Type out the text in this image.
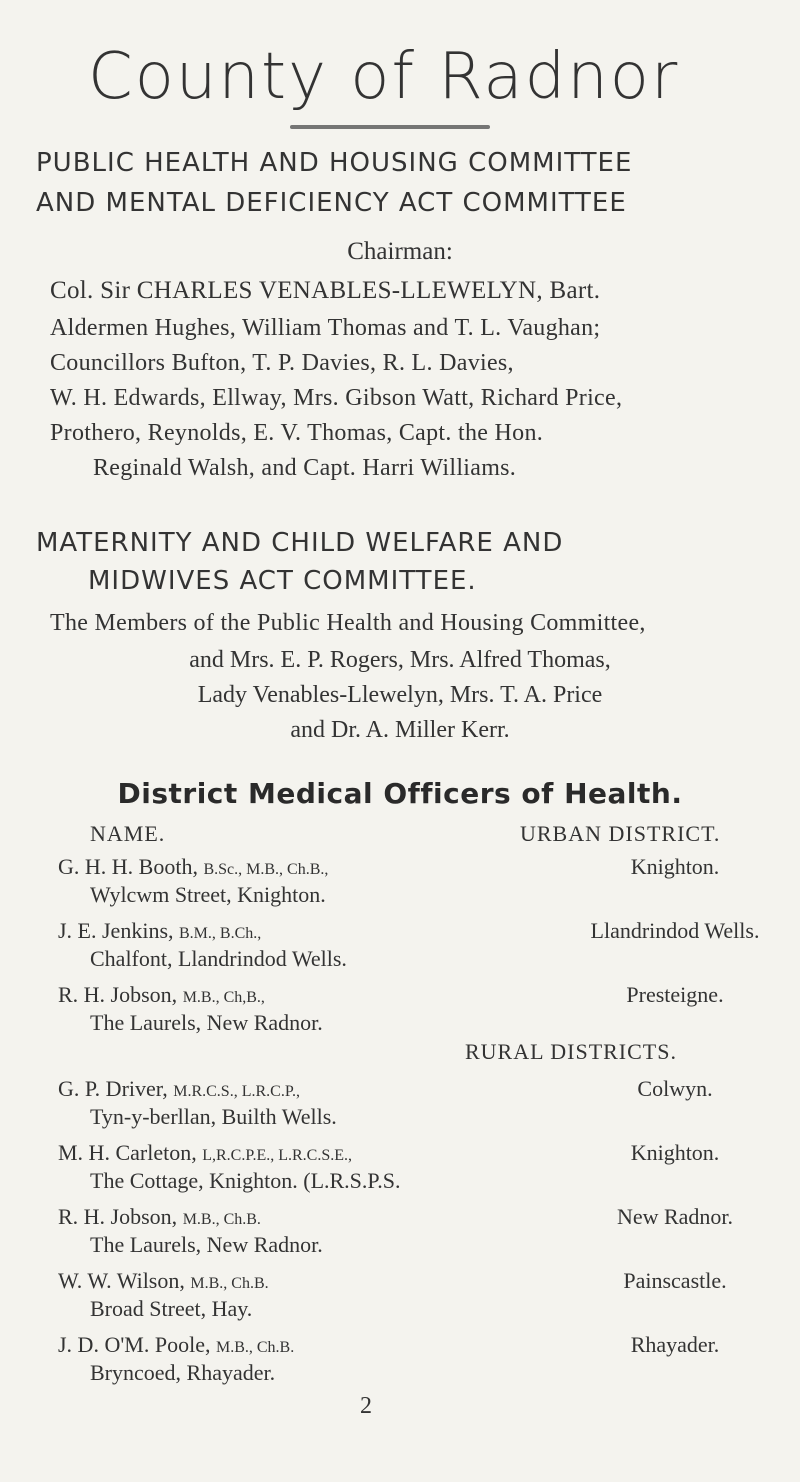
County of Radnor
PUBLIC HEALTH AND HOUSING COMMITTEE
AND MENTAL DEFICIENCY ACT COMMITTEE
Chairman:
Col. Sir CHARLES VENABLES-LLEWELYN, Bart.
Aldermen Hughes, William Thomas and T. L. Vaughan;
Councillors Bufton, T. P. Davies, R. L. Davies,
W. H. Edwards, Ellway, Mrs. Gibson Watt, Richard Price,
Prothero, Reynolds, E. V. Thomas, Capt. the Hon.
Reginald Walsh, and Capt. Harri Williams.
MATERNITY AND CHILD WELFARE AND
MIDWIVES ACT COMMITTEE.
The Members of the Public Health and Housing Committee,
and Mrs. E. P. Rogers, Mrs. Alfred Thomas,
Lady Venables-Llewelyn, Mrs. T. A. Price
and Dr. A. Miller Kerr.
District Medical Officers of Health.
NAME.	URBAN DISTRICT.
G. H. H. Booth, B.Sc., M.B., Ch.B.,
Wylcwm Street, Knighton.
Knighton.
J. E. Jenkins, B.M., B.Ch.,
Chalfont, Llandrindod Wells.
Llandrindod Wells.
R. H. Jobson, M.B., Ch,B.,
The Laurels, New Radnor.
Presteigne.
RURAL DISTRICTS.
G. P. Driver, M.R.C.S., L.R.C.P.,
Tyn-y-berllan, Builth Wells.
Colwyn.
M. H. Carleton, L,R.C.P.E., L.R.C.S.E.,
The Cottage, Knighton. (L.R.S.P.S.
Knighton.
R. H. Jobson, M.B., Ch.B.
The Laurels, New Radnor.
New Radnor.
W. W. Wilson, M.B., Ch.B.
Broad Street, Hay.
Painscastle.
J. D. O'M. Poole, M.B., Ch.B.
Bryncoed, Rhayader.
Rhayader.
2
